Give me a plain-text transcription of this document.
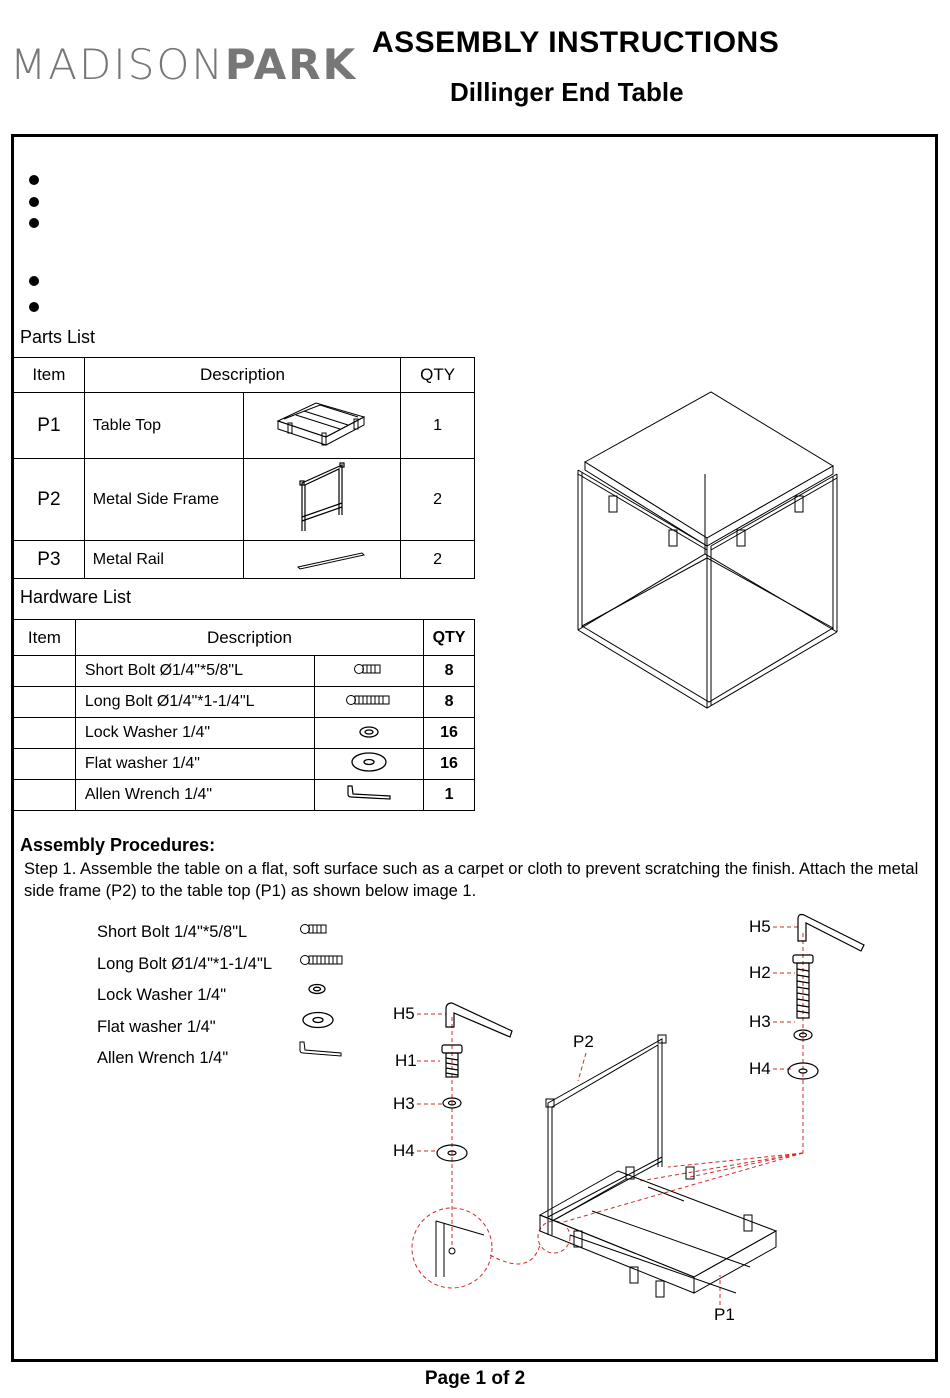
MADISONPARK ASSEMBLY INSTRUCTIONS
Dillinger End Table
Parts List
Item	Description		QTY
P1	Table Top		1
P2	Metal Side Frame		2
P3	Metal Rail		2
Hardware List
Item	Description		QTY
	Short Bolt Ø1/4"*5/8"L		8
	Long Bolt Ø1/4"*1-1/4"L		8
	Lock Washer 1/4"		16
	Flat washer 1/4"		16
	Allen Wrench 1/4"		1
Assembly Procedures:
Step 1. Assemble the table on a flat, soft surface such as a carpet or cloth to prevent scratching the finish. Attach the metal side frame (P2) to the table top (P1) as shown below image 1.
Short Bolt 1/4"*5/8"L
Long Bolt Ø1/4"*1-1/4"L
Lock Washer 1/4"
Flat washer 1/4"
Allen Wrench 1/4"
H5
H1
H3
H4
P2
P1
H5
H2
H3
H4
Page 1 of 2
